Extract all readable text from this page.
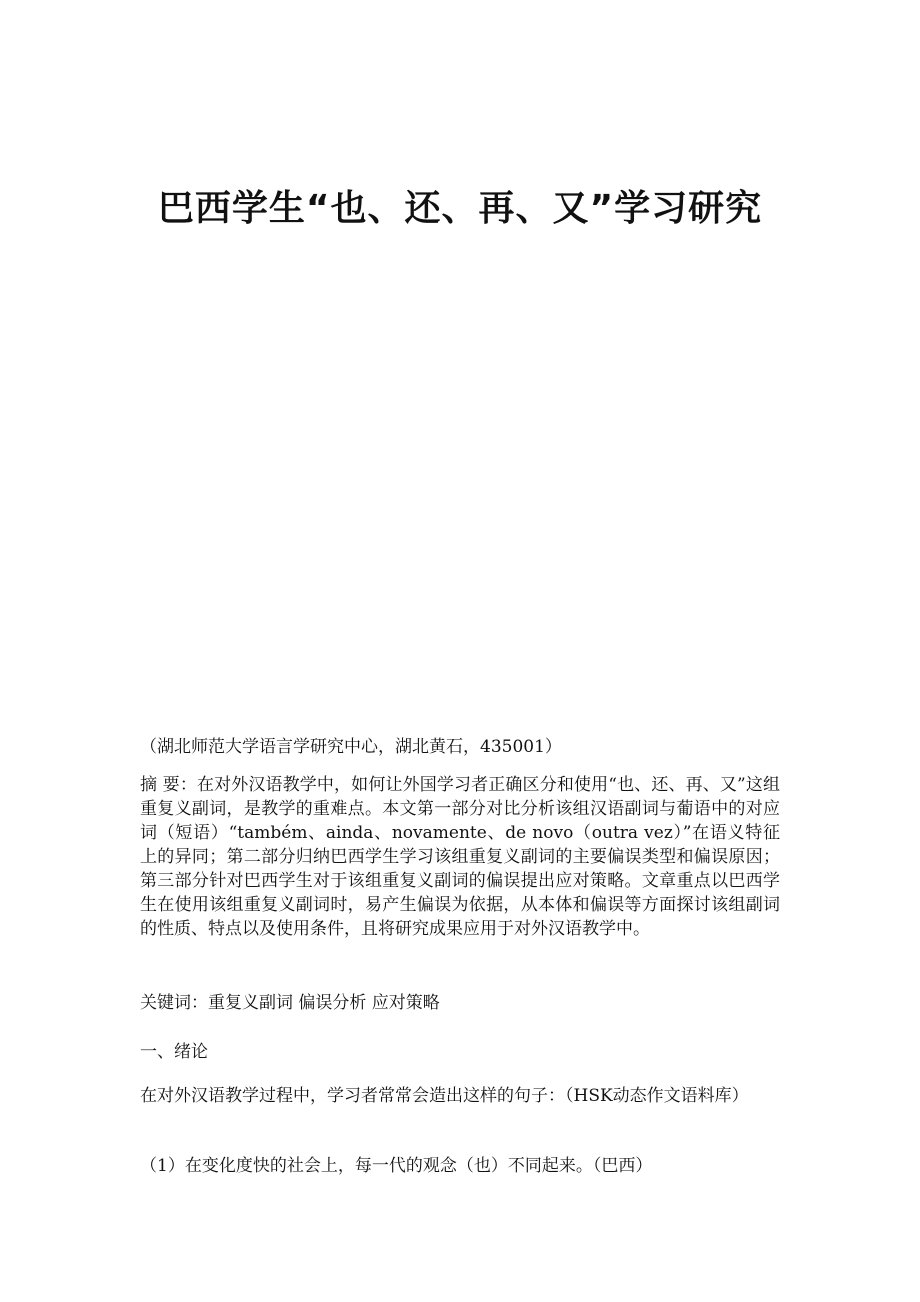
巴西学生“也、还、再、又”学习研究

（湖北师范大学语言学研究中心，湖北黄石，435001）

摘 要：在对外汉语教学中，如何让外国学习者正确区分和使用“也、还、再、又”这组重复义副词，是教学的重难点。本文第一部分对比分析该组汉语副词与葡语中的对应词（短语）“também、ainda、novamente、de novo（outra vez）”在语义特征上的异同；第二部分归纳巴西学生学习该组重复义副词的主要偏误类型和偏误原因；第三部分针对巴西学生对于该组重复义副词的偏误提出应对策略。文章重点以巴西学生在使用该组重复义副词时，易产生偏误为依据，从本体和偏误等方面探讨该组副词的性质、特点以及使用条件，且将研究成果应用于对外汉语教学中。

关键词：重复义副词 偏误分析 应对策略

一、绪论

在对外汉语教学过程中，学习者常常会造出这样的句子：（HSK动态作文语料库）

（1）在变化度快的社会上，每一代的观念（也）不同起来。（巴西）
